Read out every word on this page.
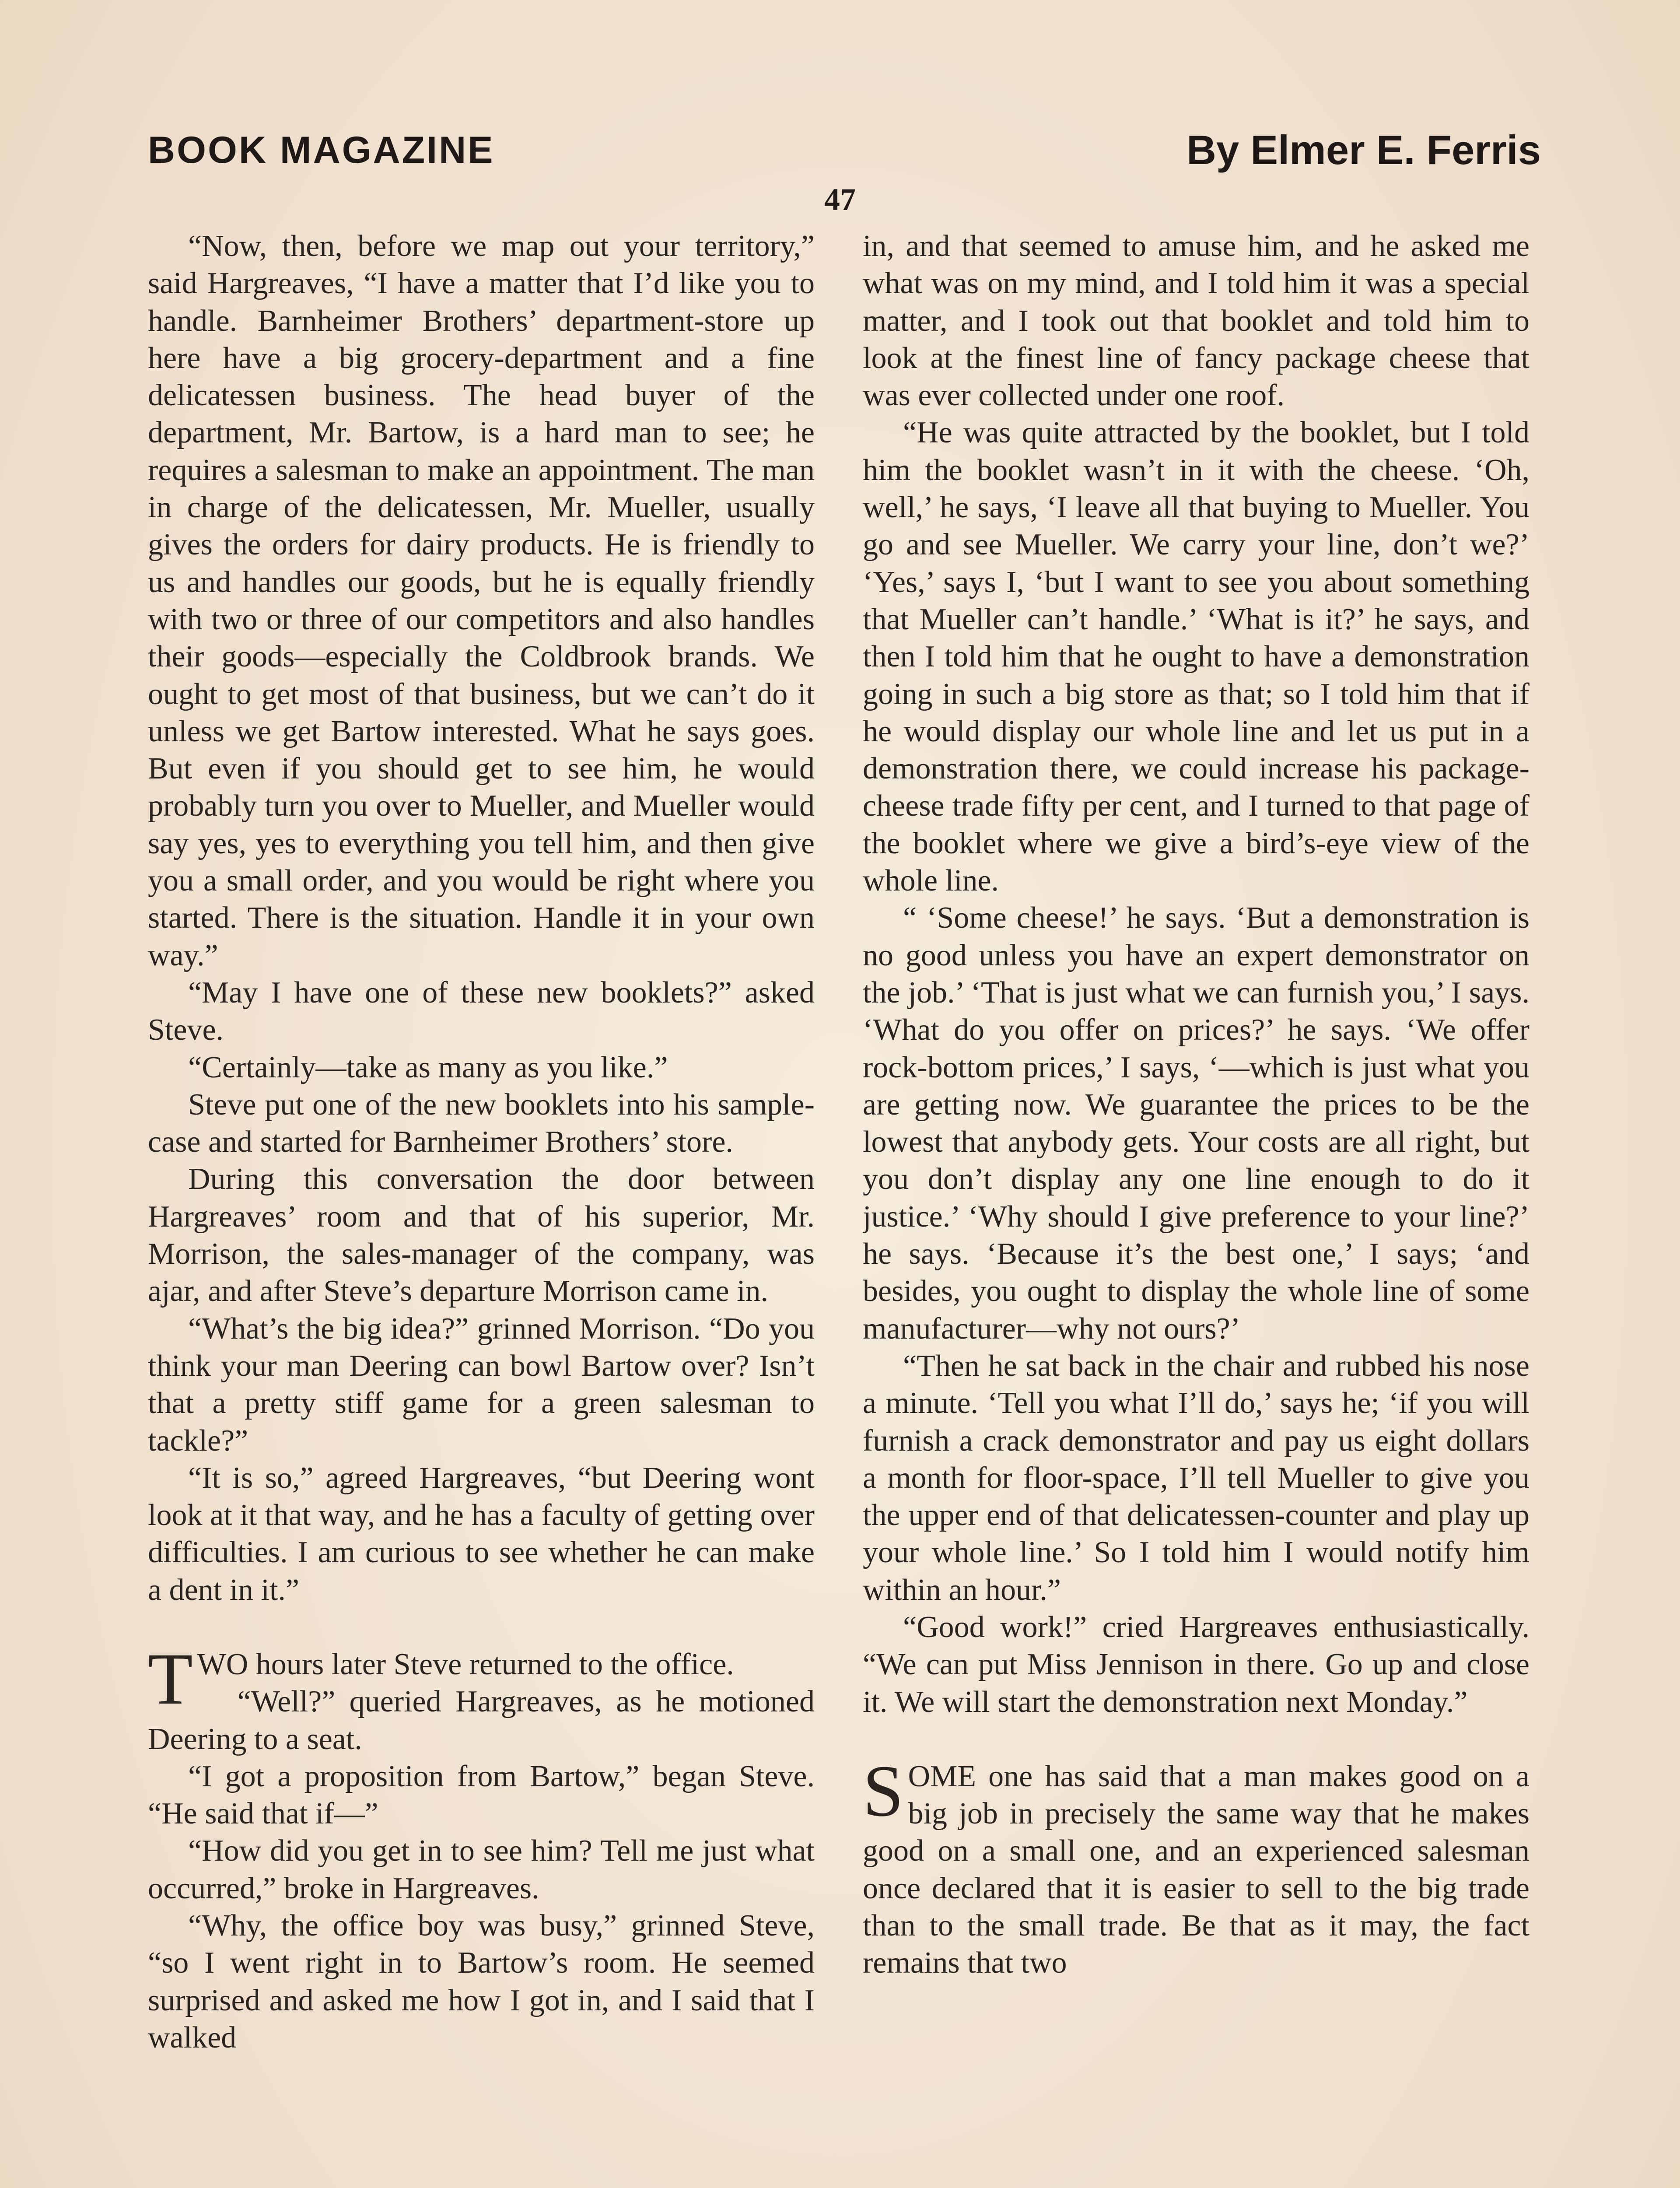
BOOK MAGAZINE	By Elmer E. Ferris
47

“Now, then, before we map out your territory,” said Hargreaves, “I have a matter that I’d like you to handle. Barnheimer Brothers’ department-store up here have a big grocery-department and a fine delicatessen business. The head buyer of the department, Mr. Bartow, is a hard man to see; he requires a salesman to make an appointment. The man in charge of the delicatessen, Mr. Mueller, usually gives the orders for dairy products. He is friendly to us and handles our goods, but he is equally friendly with two or three of our competitors and also handles their goods—especially the Coldbrook brands. We ought to get most of that business, but we can’t do it unless we get Bartow interested. What he says goes. But even if you should get to see him, he would probably turn you over to Mueller, and Mueller would say yes, yes to everything you tell him, and then give you a small order, and you would be right where you started. There is the situation. Handle it in your own way.”

“May I have one of these new booklets?” asked Steve.

“Certainly—take as many as you like.”

Steve put one of the new booklets into his sample-case and started for Barnheimer Brothers’ store.

During this conversation the door between Hargreaves’ room and that of his superior, Mr. Morrison, the sales-manager of the company, was ajar, and after Steve’s departure Morrison came in.

“What’s the big idea?” grinned Morrison. “Do you think your man Deering can bowl Bartow over? Isn’t that a pretty stiff game for a green salesman to tackle?”

“It is so,” agreed Hargreaves, “but Deering wont look at it that way, and he has a faculty of getting over difficulties. I am curious to see whether he can make a dent in it.”

TWO hours later Steve returned to the office.

“Well?” queried Hargreaves, as he motioned Deering to a seat.

“I got a proposition from Bartow,” began Steve. “He said that if—”

“How did you get in to see him? Tell me just what occurred,” broke in Hargreaves.

“Why, the office boy was busy,” grinned Steve, “so I went right in to Bartow’s room. He seemed surprised and asked me how I got in, and I said that I walked

in, and that seemed to amuse him, and he asked me what was on my mind, and I told him it was a special matter, and I took out that booklet and told him to look at the finest line of fancy package cheese that was ever collected under one roof.

“He was quite attracted by the booklet, but I told him the booklet wasn’t in it with the cheese. ‘Oh, well,’ he says, ‘I leave all that buying to Mueller. You go and see Mueller. We carry your line, don’t we?’ ‘Yes,’ says I, ‘but I want to see you about something that Mueller can’t handle.’ ‘What is it?’ he says, and then I told him that he ought to have a demonstration going in such a big store as that; so I told him that if he would display our whole line and let us put in a demonstration there, we could increase his package-cheese trade fifty per cent, and I turned to that page of the booklet where we give a bird’s-eye view of the whole line.

“ ‘Some cheese!’ he says. ‘But a demonstration is no good unless you have an expert demonstrator on the job.’ ‘That is just what we can furnish you,’ I says. ‘What do you offer on prices?’ he says. ‘We offer rock-bottom prices,’ I says, ‘—which is just what you are getting now. We guarantee the prices to be the lowest that anybody gets. Your costs are all right, but you don’t display any one line enough to do it justice.’ ‘Why should I give preference to your line?’ he says. ‘Because it’s the best one,’ I says; ‘and besides, you ought to display the whole line of some manufacturer—why not ours?’

“Then he sat back in the chair and rubbed his nose a minute. ‘Tell you what I’ll do,’ says he; ‘if you will furnish a crack demonstrator and pay us eight dollars a month for floor-space, I’ll tell Mueller to give you the upper end of that delicatessen-counter and play up your whole line.’ So I told him I would notify him within an hour.”

“Good work!” cried Hargreaves enthusiastically. “We can put Miss Jennison in there. Go up and close it. We will start the demonstration next Monday.”

SOME one has said that a man makes good on a big job in precisely the same way that he makes good on a small one, and an experienced salesman once declared that it is easier to sell to the big trade than to the small trade. Be that as it may, the fact remains that two
